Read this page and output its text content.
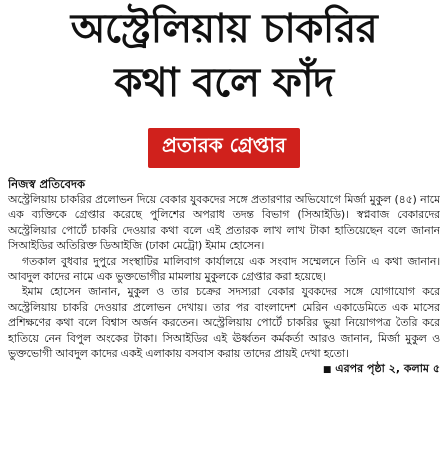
অস্ট্রেলিয়ায় চাকরির
কথা বলে ফাঁদ
প্রতারক গ্রেপ্তার

নিজস্ব প্রতিবেদক

অস্ট্রেলিয়ায় চাকরির প্রলোভন দিয়ে বেকার যুবকদের সঙ্গে প্রতারণার অভিযোগে মির্জা মুকুল (৪৫) নামে এক ব্যক্তিকে গ্রেপ্তার করেছে পুলিশের অপরাধ তদন্ত বিভাগ (সিআইডি)। স্বপ্নবাজ বেকারদের অস্ট্রেলিয়ার পোর্টে চাকরি দেওয়ার কথা বলে এই প্রতারক লাখ লাখ টাকা হাতিয়েছেন বলে জানান সিআইডির অতিরিক্ত ডিআইজি (ঢাকা মেট্রো) ইমাম হোসেন।

গতকাল বুধবার দুপুরে সংস্থাটির মালিবাগ কার্যালয়ে এক সংবাদ সম্মেলনে তিনি এ কথা জানান। আবদুল কাদের নামে এক ভুক্তভোগীর মামলায় মুকুলকে গ্রেপ্তার করা হয়েছে।

ইমাম হোসেন জানান, মুকুল ও তার চক্রের সদস্যরা বেকার যুবকদের সঙ্গে যোগাযোগ করে অস্ট্রেলিয়ায় চাকরি দেওয়ার প্রলোভন দেখায়। তার পর বাংলাদেশ মেরিন একাডেমিতে এক মাসের প্রশিক্ষণের কথা বলে বিশ্বাস অর্জন করতেন। অস্ট্রেলিয়ায় পোর্টে চাকরির ভুয়া নিয়োগপত্র তৈরি করে হাতিয়ে নেন বিপুল অংকের টাকা। সিআইডির এই ঊর্ধ্বতন কর্মকর্তা আরও জানান, মির্জা মুকুল ও ভুক্তভোগী আবদুল কাদের একই এলাকায় বসবাস করায় তাদের প্রায়ই দেখা হতো।

■ এরপর পৃষ্ঠা ২, কলাম ৫
